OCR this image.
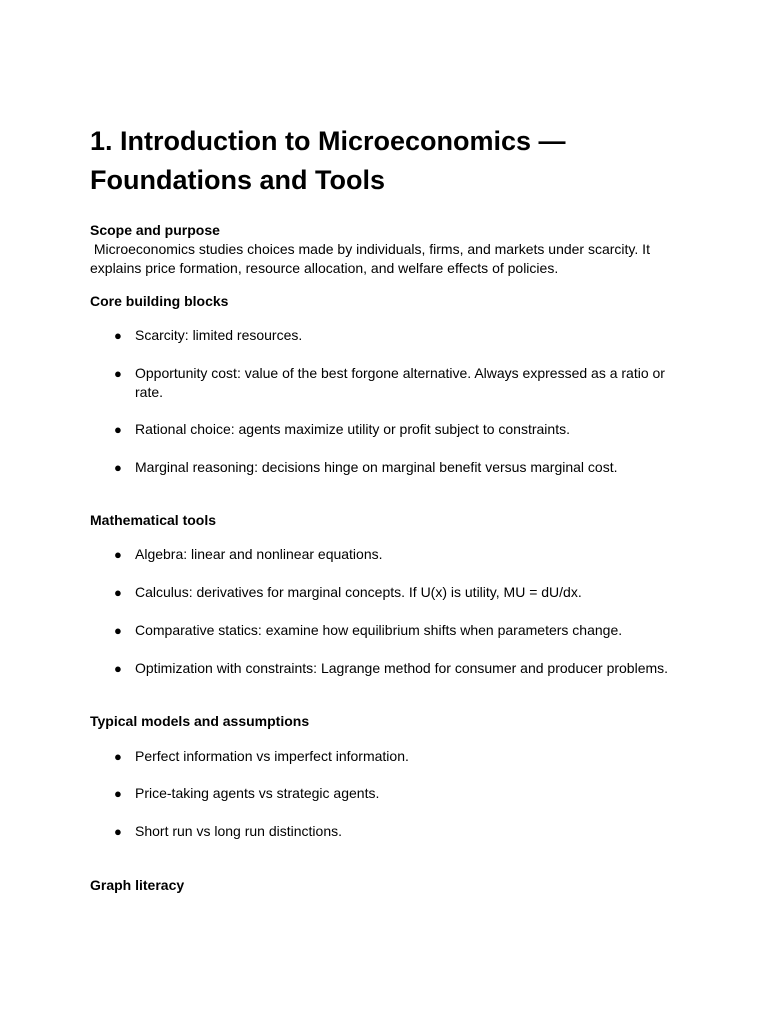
1. Introduction to Microeconomics —
Foundations and Tools
Scope and purpose
Microeconomics studies choices made by individuals, firms, and markets under scarcity. It explains price formation, resource allocation, and welfare effects of policies.
Core building blocks
● Scarcity: limited resources.
● Opportunity cost: value of the best forgone alternative. Always expressed as a ratio or rate.
● Rational choice: agents maximize utility or profit subject to constraints.
● Marginal reasoning: decisions hinge on marginal benefit versus marginal cost.
Mathematical tools
● Algebra: linear and nonlinear equations.
● Calculus: derivatives for marginal concepts. If U(x) is utility, MU = dU/dx.
● Comparative statics: examine how equilibrium shifts when parameters change.
● Optimization with constraints: Lagrange method for consumer and producer problems.
Typical models and assumptions
● Perfect information vs imperfect information.
● Price-taking agents vs strategic agents.
● Short run vs long run distinctions.
Graph literacy
